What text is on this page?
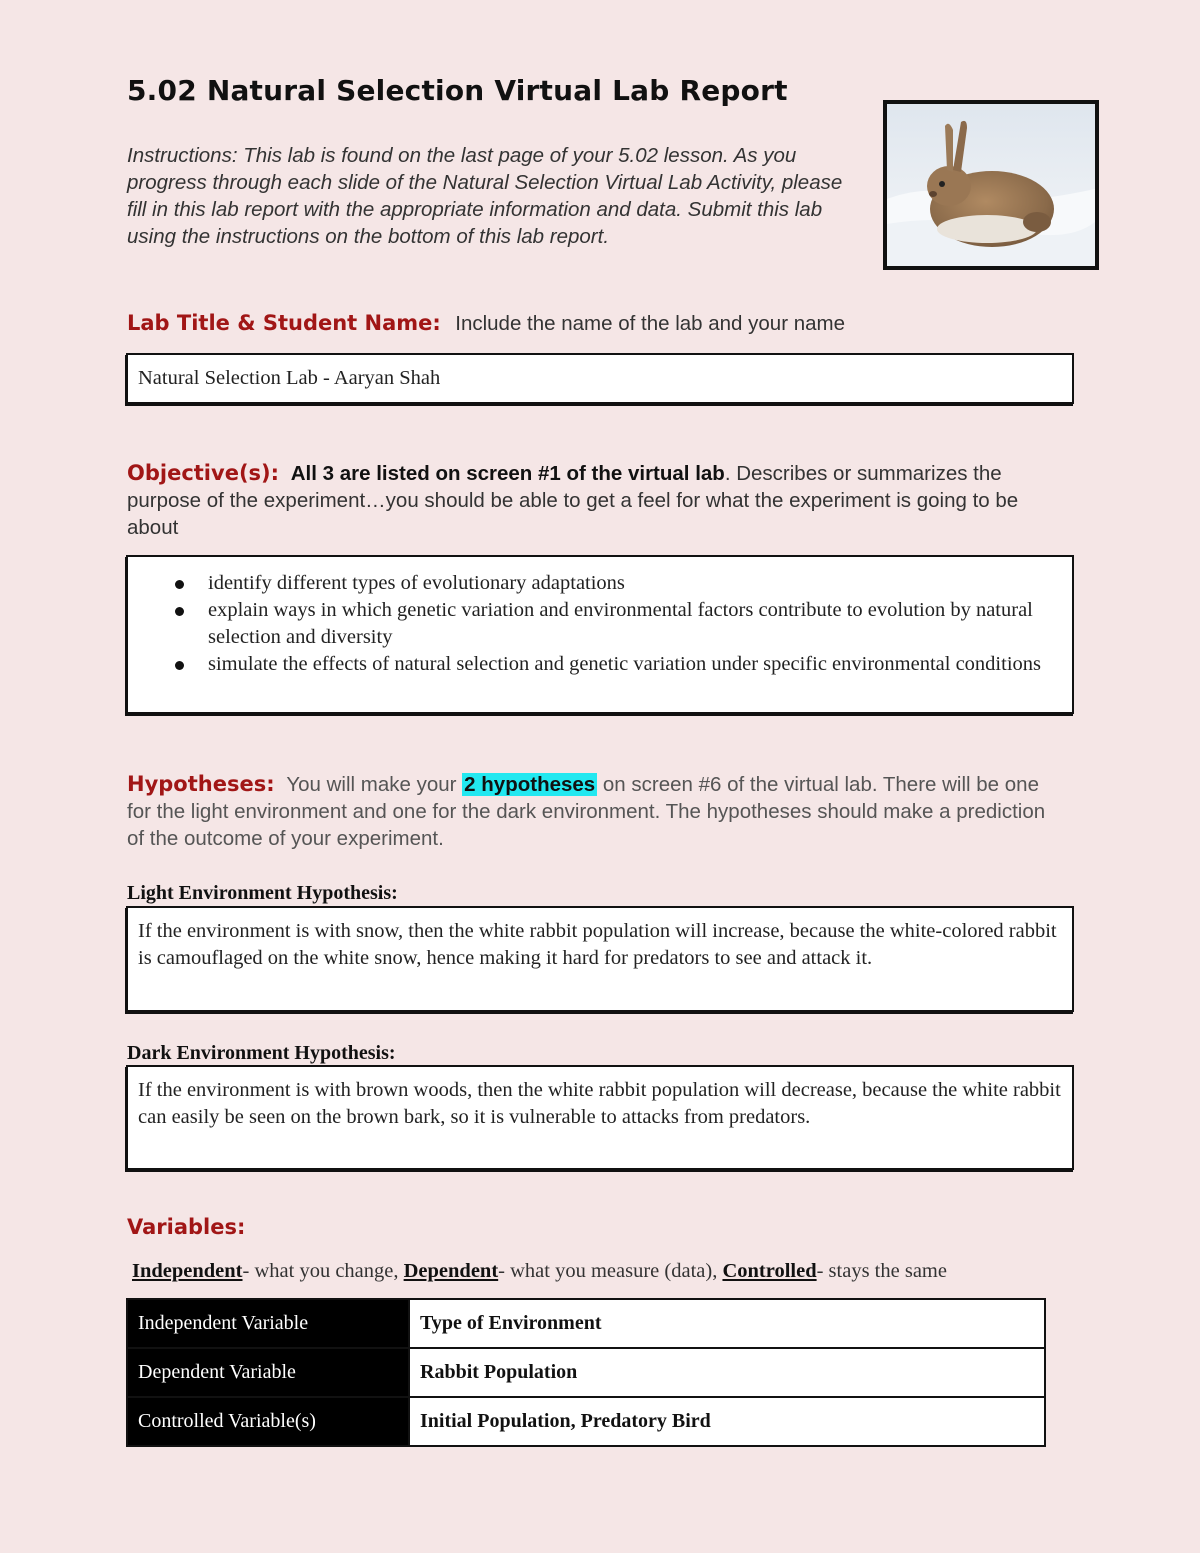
5.02 Natural Selection Virtual Lab Report
Instructions: This lab is found on the last page of your 5.02 lesson. As you progress through each slide of the Natural Selection Virtual Lab Activity, please fill in this lab report with the appropriate information and data. Submit this lab using the instructions on the bottom of this lab report.
Lab Title & Student Name: Include the name of the lab and your name
Natural Selection Lab - Aaryan Shah
Objective(s): All 3 are listed on screen #1 of the virtual lab. Describes or summarizes the purpose of the experiment…you should be able to get a feel for what the experiment is going to be about
identify different types of evolutionary adaptations
explain ways in which genetic variation and environmental factors contribute to evolution by natural selection and diversity
simulate the effects of natural selection and genetic variation under specific environmental conditions
Hypotheses: You will make your 2 hypotheses on screen #6 of the virtual lab. There will be one for the light environment and one for the dark environment. The hypotheses should make a prediction of the outcome of your experiment.
Light Environment Hypothesis:
If the environment is with snow, then the white rabbit population will increase, because the white-colored rabbit is camouflaged on the white snow, hence making it hard for predators to see and attack it.
Dark Environment Hypothesis:
If the environment is with brown woods, then the white rabbit population will decrease, because the white rabbit can easily be seen on the brown bark, so it is vulnerable to attacks from predators.
Variables:
Independent- what you change, Dependent- what you measure (data), Controlled- stays the same
Independent Variable	Type of Environment
Dependent Variable	Rabbit Population
Controlled Variable(s)	Initial Population, Predatory Bird
